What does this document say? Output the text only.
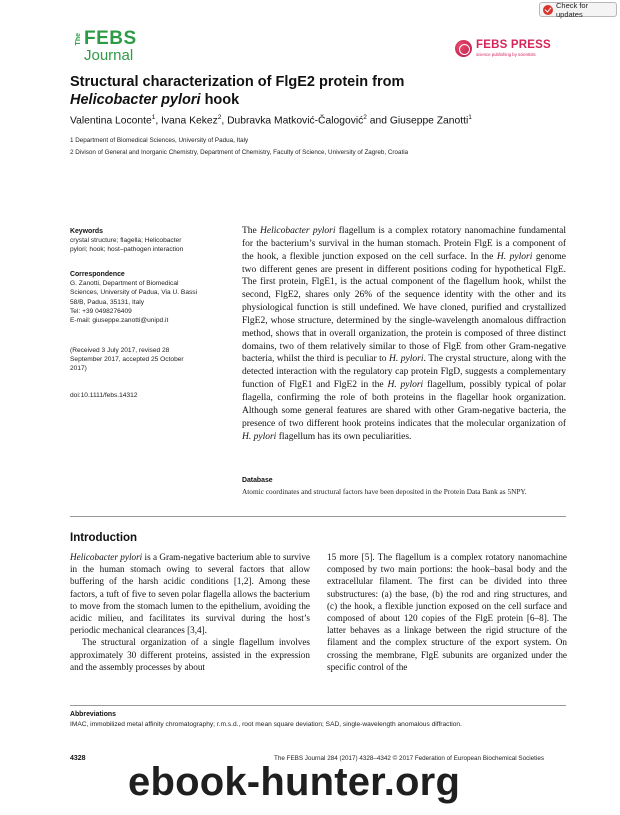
Check for updates
The FEBS
Journal
FEBS PRESS
science publishing by scientists
Structural characterization of FlgE2 protein from
Helicobacter pylori hook
Valentina Loconte$^1$, Ivana Kekez$^2$, Dubravka Matković-Čalogović$^2$ and Giuseppe Zanotti$^1$
1 Department of Biomedical Sciences, University of Padua, Italy
2 Divison of General and Inorganic Chemistry, Department of Chemistry, Faculty of Science, University of Zagreb, Croatia
Keywords
crystal structure; flagella; Helicobacter
pylori; hook; host–pathogen interaction
Correspondence
G. Zanotti, Department of Biomedical
Sciences, University of Padua, Via U. Bassi
58/B, Padua, 35131, Italy
Tel: +39 0498276409
E-mail: giuseppe.zanotti@unipd.it
(Received 3 July 2017, revised 28
September 2017, accepted 25 October
2017)
doi:10.1111/febs.14312
The Helicobacter pylori flagellum is a complex rotatory nanomachine fundamental for the bacterium’s survival in the human stomach. Protein FlgE is a component of the hook, a flexible junction exposed on the cell surface. In the H. pylori genome two different genes are present in different positions coding for hypothetical FlgE. The first protein, FlgE1, is the actual component of the flagellum hook, whilst the second, FlgE2, shares only 26% of the sequence identity with the other and its physiological function is still undefined. We have cloned, purified and crystallized FlgE2, whose structure, determined by the single-wavelength anomalous diffraction method, shows that in overall organization, the protein is composed of three distinct domains, two of them relatively similar to those of FlgE from other Gram-negative bacteria, whilst the third is peculiar to H. pylori. The crystal structure, along with the detected interaction with the regulatory cap protein FlgD, suggests a complementary function of FlgE1 and FlgE2 in the H. pylori flagellum, possibly typical of polar flagella, confirming the role of both proteins in the flagellar hook organization. Although some general features are shared with other Gram-negative bacteria, the presence of two different hook proteins indicates that the molecular organization of H. pylori flagellum has its own peculiarities.
Database
Atomic coordinates and structural factors have been deposited in the Protein Data Bank as 5NPY.
Introduction

Helicobacter pylori is a Gram-negative bacterium able to survive in the human stomach owing to several factors that allow buffering of the harsh acidic conditions [1,2]. Among these factors, a tuft of five to seven polar flagella allows the bacterium to move from the stomach lumen to the epithelium, avoiding the acidic milieu, and facilitates its survival during the host’s periodic mechanical clearances [3,4].

The structural organization of a single flagellum involves approximately 30 different proteins, assisted in the expression and the assembly processes by about

15 more [5]. The flagellum is a complex rotatory nanomachine composed by two main portions: the hook–basal body and the extracellular filament. The first can be divided into three substructures: (a) the base, (b) the rod and ring structures, and (c) the hook, a flexible junction exposed on the cell surface and composed of about 120 copies of the FlgE protein [6–8]. The latter behaves as a linkage between the rigid structure of the filament and the complex structure of the export system. On crossing the membrane, FlgE subunits are organized under the specific control of the
Abbreviations
IMAC, immobilized metal affinity chromatography; r.m.s.d., root mean square deviation; SAD, single-wavelength anomalous diffraction.
4328	The FEBS Journal 284 (2017) 4328–4342 © 2017 Federation of European Biochemical Societies
ebook-hunter.org
